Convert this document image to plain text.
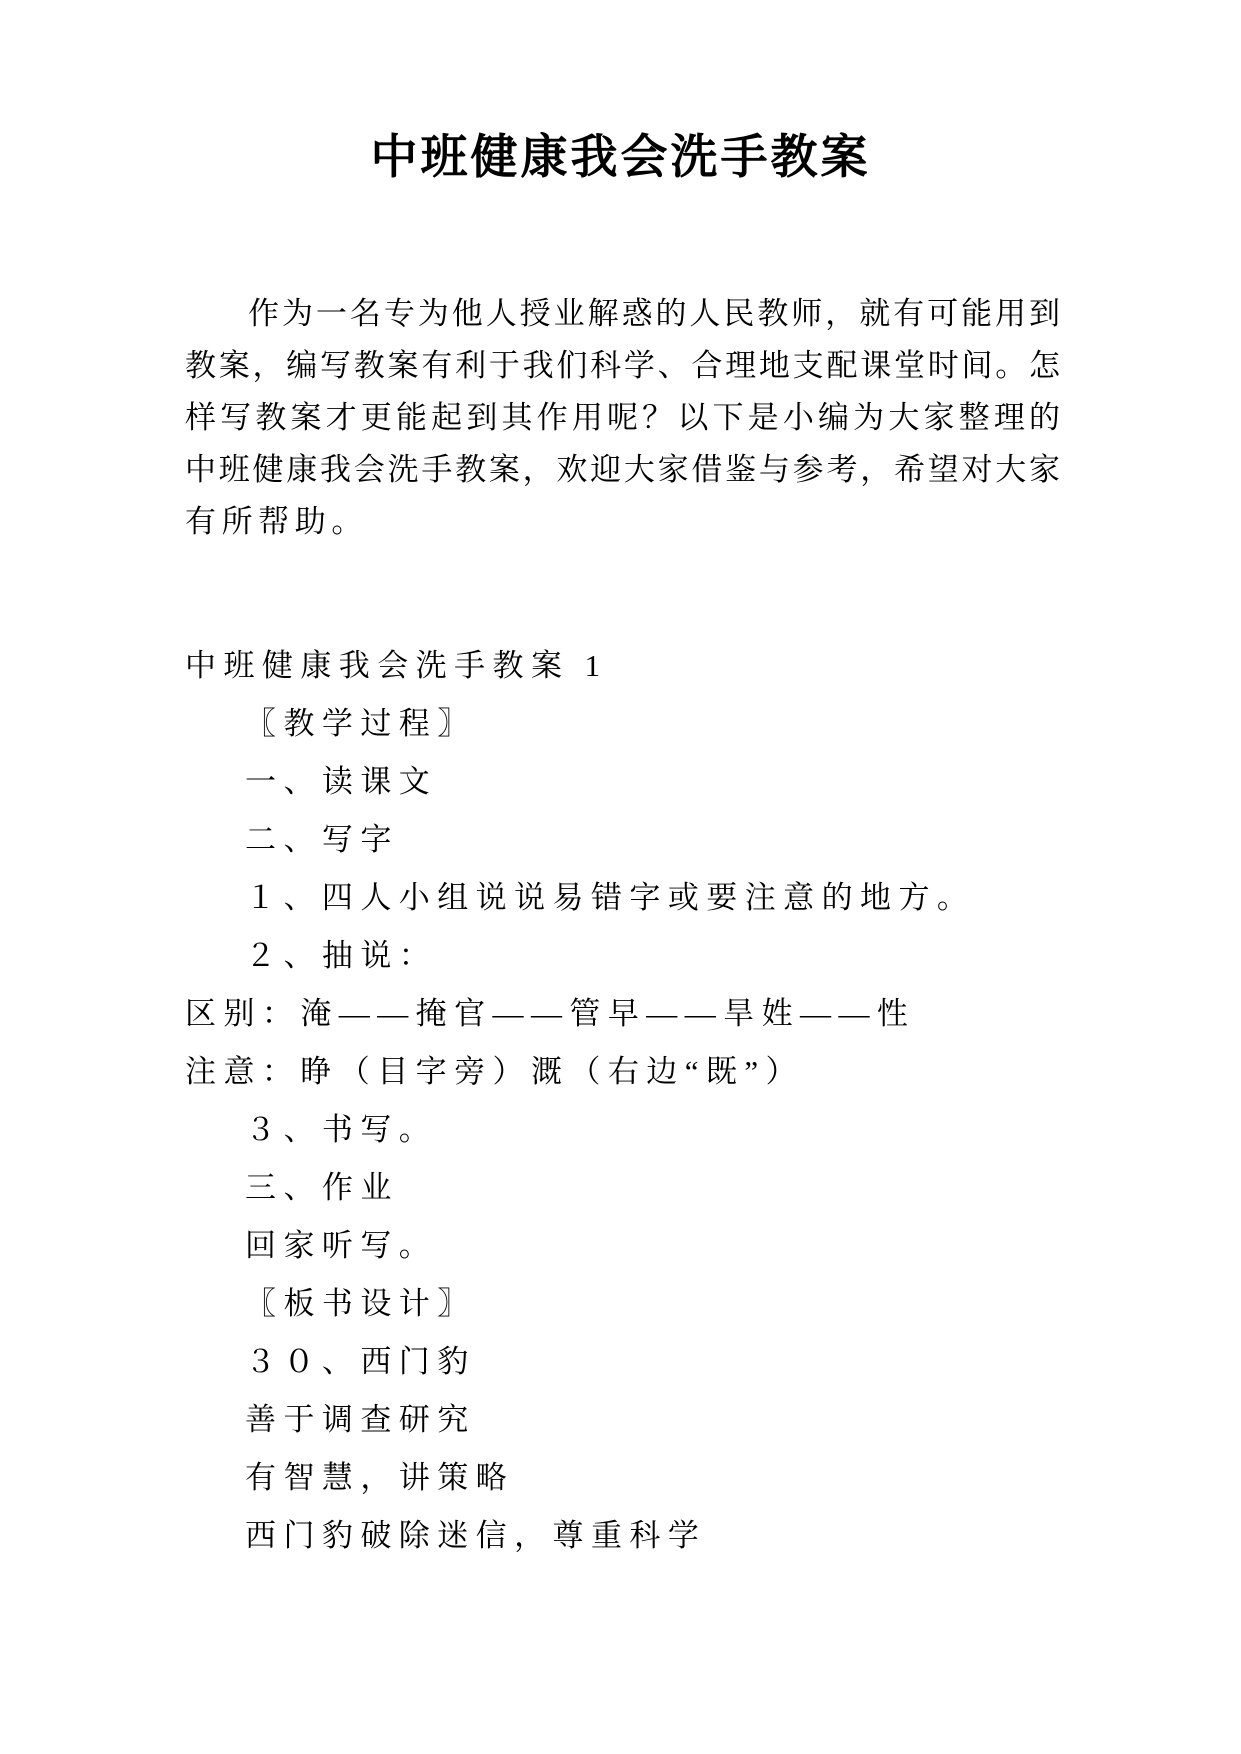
中班健康我会洗手教案
作为一名专为他人授业解惑的人民教师，就有可能用到
教案，编写教案有利于我们科学、合理地支配课堂时间。怎
样写教案才更能起到其作用呢？以下是小编为大家整理的
中班健康我会洗手教案，欢迎大家借鉴与参考，希望对大家
有所帮助。
中班健康我会洗手教案 1
〖教学过程〗
一、读课文
二、写字
１、四人小组说说易错字或要注意的地方。
２、抽说：
区别：淹——掩官——管早——旱姓——性
注意：睁（目字旁）溉（右边“既”）
３、书写。
三、作业
回家听写。
〖板书设计〗
３０、西门豹
善于调查研究
有智慧，讲策略
西门豹破除迷信，尊重科学
